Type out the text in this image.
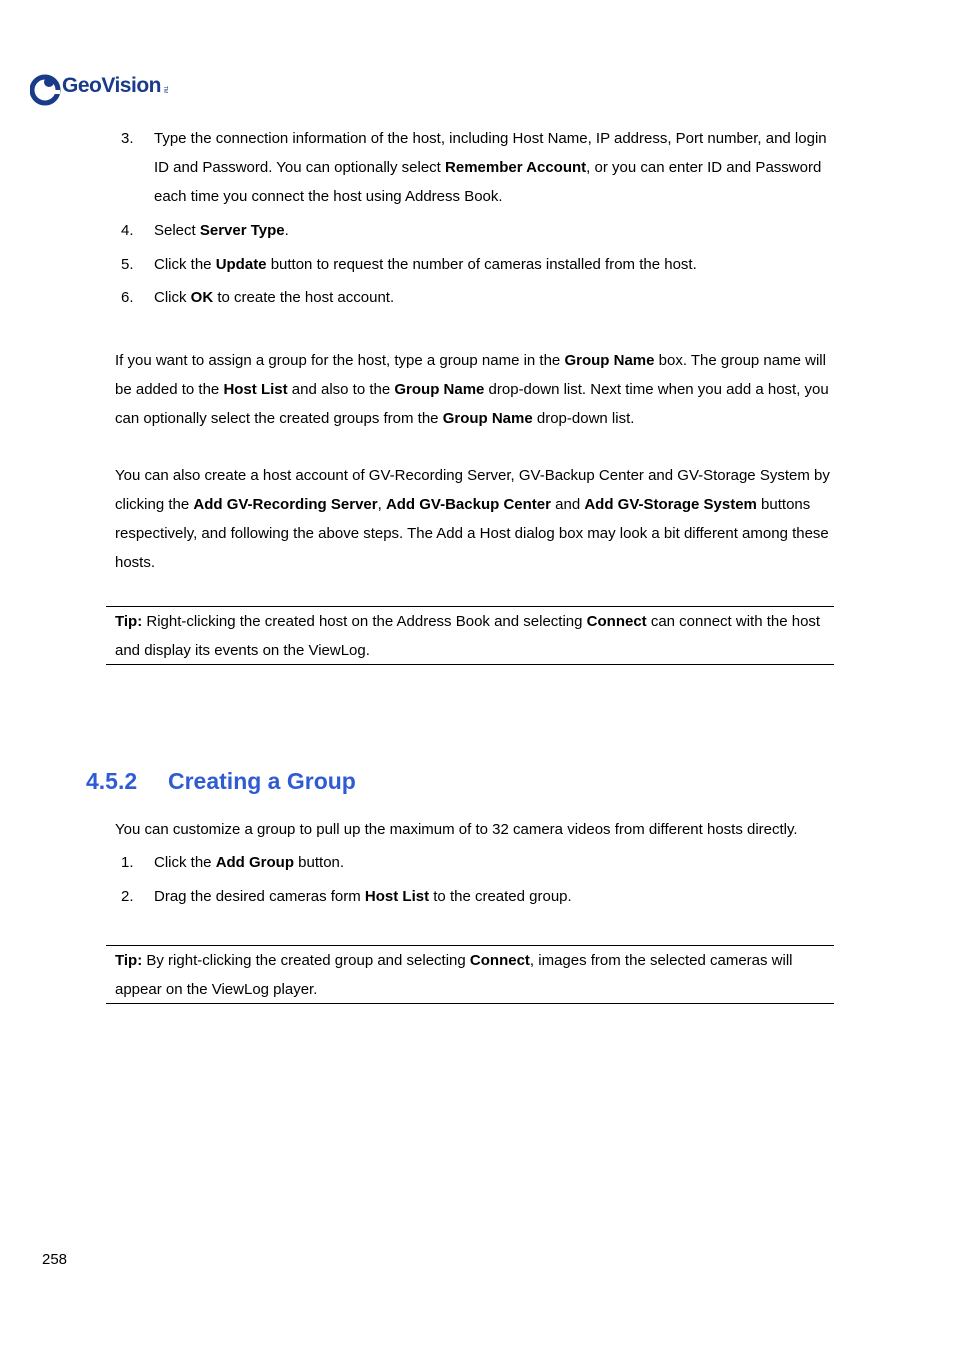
GeoVision TM
3. Type the connection information of the host, including Host Name, IP address, Port number, and login ID and Password. You can optionally select Remember Account, or you can enter ID and Password each time you connect the host using Address Book.
4. Select Server Type.
5. Click the Update button to request the number of cameras installed from the host.
6. Click OK to create the host account.

If you want to assign a group for the host, type a group name in the Group Name box. The group name will be added to the Host List and also to the Group Name drop-down list. Next time when you add a host, you can optionally select the created groups from the Group Name drop-down list.

You can also create a host account of GV-Recording Server, GV-Backup Center and GV-Storage System by clicking the Add GV-Recording Server, Add GV-Backup Center and Add GV-Storage System buttons respectively, and following the above steps. The Add a Host dialog box may look a bit different among these hosts.

Tip: Right-clicking the created host on the Address Book and selecting Connect can connect with the host and display its events on the ViewLog.
4.5.2 Creating a Group

You can customize a group to pull up the maximum of to 32 camera videos from different hosts directly.

1. Click the Add Group button.
2. Drag the desired cameras form Host List to the created group.
Tip: By right-clicking the created group and selecting Connect, images from the selected cameras will appear on the ViewLog player.
258
